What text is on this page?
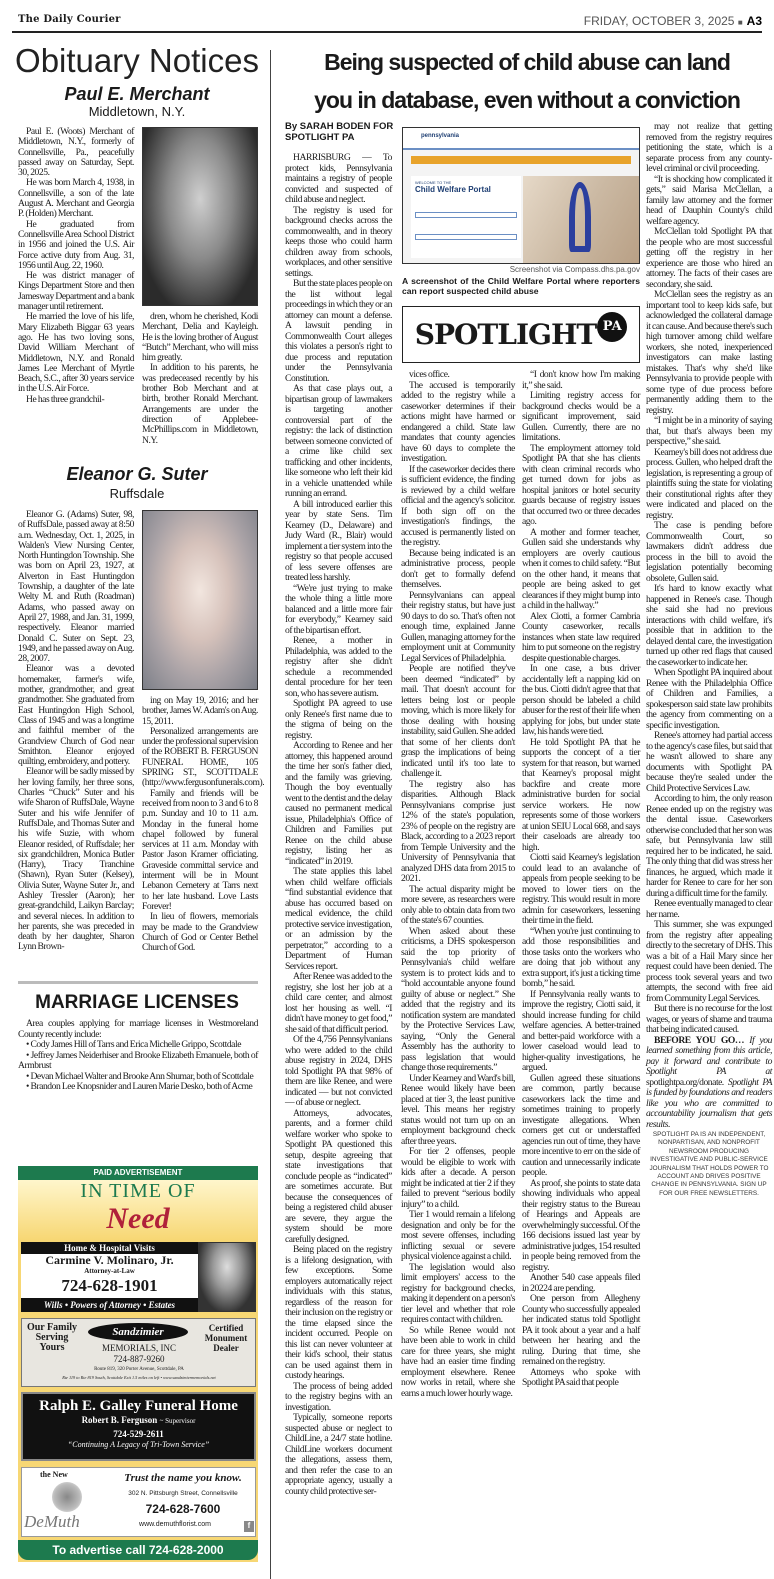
The Daily Courier	FRIDAY, OCTOBER 3, 2025 ■ A3
Obituary Notices
Paul E. Merchant
Middletown, N.Y.

Paul E. (Woots) Merchant of Middletown, N.Y., formerly of Connellsville, Pa., peacefully passed away on Saturday, Sept. 30, 2025.

He was born March 4, 1938, in Connellsville, a son of the late August A. Merchant and Georgia P. (Holden) Merchant.

He graduated from Connellsville Area School District in 1956 and joined the U.S. Air Force active duty from Aug. 31, 1956 until Aug. 22, 1960.

He was district manager of Kings Department Store and then Jamesway Department and a bank manager until retirement.

He married the love of his life, Mary Elizabeth Biggar 63 years ago. He has two loving sons, David William Merchant of Middletown, N.Y. and Ronald James Lee Merchant of Myrtle Beach, S.C., after 30 years service in the U.S. Air Force.

He has three grandchil-

dren, whom he cherished, Kodi Merchant, Delia and Kayleigh. He is the loving brother of August “Butch” Merchant, who will miss him greatly.

In addition to his parents, he was predeceased recently by his brother Bob Merchant and at birth, brother Ronald Merchant. Arrangements are under the direction of Applebee-McPhillips.com in Middletown, N.Y.

Eleanor G. Suter
Ruffsdale

Eleanor G. (Adams) Suter, 98, of RuffsDale, passed away at 8:50 a.m. Wednesday, Oct. 1, 2025, in Walden's View Nursing Center, North Huntingdon Township. She was born on April 23, 1927, at Alverton in East Huntingdon Township, a daughter of the late Welty M. and Ruth (Roadman) Adams, who passed away on April 27, 1988, and Jan. 31, 1999, respectively. Eleanor married Donald C. Suter on Sept. 23, 1949, and he passed away on Aug. 28, 2007.

Eleanor was a devoted homemaker, farmer's wife, mother, grandmother, and great grandmother. She graduated from East Huntingdon High School, Class of 1945 and was a longtime and faithful member of the Grandview Church of God near Smithton. Eleanor enjoyed quilting, embroidery, and pottery.

Eleanor will be sadly missed by her loving family, her three sons, Charles “Chuck” Suter and his wife Sharon of RuffsDale, Wayne Suter and his wife Jennifer of RuffsDale, and Thomas Suter and his wife Suzie, with whom Eleanor resided, of Ruffsdale; her six grandchildren, Monica Butler (Harry), Tracy Tranchine (Shawn), Ryan Suter (Kelsey), Olivia Suter, Wayne Suter Jr., and Ashley Tressler (Aaron); her great-grandchild, Laikyn Barclay; and several nieces. In addition to her parents, she was preceded in death by her daughter, Sharon Lynn Brown-

ing on May 19, 2016; and her brother, James W. Adam's on Aug. 15, 2011.

Personalized arrangements are under the professional supervision of the ROBERT B. FERGUSON FUNERAL HOME, 105 SPRING ST., SCOTTDALE (http://www.fergusonfunerals.com).

Family and friends will be received from noon to 3 and 6 to 8 p.m. Sunday and 10 to 11 a.m. Monday in the funeral home chapel followed by funeral services at 11 a.m. Monday with Pastor Jason Kramer officiating. Graveside committal service and interment will be in Mount Lebanon Cemetery at Tarrs next to her late husband. Love Lasts Forever!

In lieu of flowers, memorials may be made to the Grandview Church of God or Center Bethel Church of God.

MARRIAGE LICENSES

Area couples applying for marriage licenses in Westmoreland County recently include:

• Cody James Hill of Tarrs and Erica Michelle Grippo, Scottdale

• Jeffrey James Neiderhiser and Brooke Elizabeth Emanuele, both of Armbrust

• Devan Michael Walter and Brooke Ann Shumar, both of Scottdale

• Brandon Lee Knopsnider and Lauren Marie Desko, both of Acme

PAID ADVERTISEMENT
IN TIME OF
Need
Home & Hospital Visits
Carmine V. Molinaro, Jr.
Attorney-at-Law
724-628-1901
Wills • Powers of Attorney • Estates
Our Family Serving Yours
Sandzimier
MEMORIALS, INC
724-887-9260
Certified Monument Dealer
Route 819, 320 Porter Avenue, Scottdale, PA
Rte 119 to Rte 819 South, Scottdale Exit 1.5 miles on left • www.sandzimiermemorials.net
Ralph E. Galley Funeral Home
Robert B. Ferguson ~ Supervisor
724-529-2611
“Continuing A Legacy of Tri-Town Service”
the New
DeMuth
Trust the name you know.
302 N. Pittsburgh Street, Connellsville
724-628-7600
www.demuthflorist.com	f
To advertise call 724-628-2000
Being suspected of child abuse can land
you in database, even without a conviction
By SARAH BODEN FOR
SPOTLIGHT PA

HARRISBURG — To protect kids, Pennsylvania maintains a registry of people convicted and suspected of child abuse and neglect.

The registry is used for background checks across the commonwealth, and in theory keeps those who could harm children away from schools, workplaces, and other sensitive settings.

But the state places people on the list without legal proceedings in which they or an attorney can mount a defense. A lawsuit pending in Commonwealth Court alleges this violates a person's right to due process and reputation under the Pennsylvania Constitution.

As that case plays out, a bipartisan group of lawmakers is targeting another controversial part of the registry: the lack of distinction between someone convicted of a crime like child sex trafficking and other incidents, like someone who left their kid in a vehicle unattended while running an errand.

A bill introduced earlier this year by state Sens. Tim Kearney (D., Delaware) and Judy Ward (R., Blair) would implement a tier system into the registry so that people accused of less severe offenses are treated less harshly.

“We're just trying to make the whole thing a little more balanced and a little more fair for everybody,” Kearney said of the bipartisan effort.

Renee, a mother in Philadelphia, was added to the registry after she didn't schedule a recommended dental procedure for her teen son, who has severe autism.

Spotlight PA agreed to use only Renee's first name due to the stigma of being on the registry.

According to Renee and her attorney, this happened around the time her son's father died, and the family was grieving. Though the boy eventually went to the dentist and the delay caused no permanent medical issue, Philadelphia's Office of Children and Families put Renee on the child abuse registry, listing her as “indicated” in 2019.

The state applies this label when child welfare officials “find substantial evidence that abuse has occurred based on medical evidence, the child protective service investigation, or an admission by the perpetrator,” according to a Department of Human Services report.

After Renee was added to the registry, she lost her job at a child care center, and almost lost her housing as well. “I didn't have money to get food,” she said of that difficult period.

Of the 4,756 Pennsylvanians who were added to the child abuse registry in 2024, DHS told Spotlight PA that 98% of them are like Renee, and were indicated — but not convicted — of abuse or neglect.

Attorneys, advocates, parents, and a former child welfare worker who spoke to Spotlight PA questioned this setup, despite agreeing that state investigations that conclude people as “indicated” are sometimes accurate. But because the consequences of being a registered child abuser are severe, they argue the system should be more carefully designed.

Being placed on the registry is a lifelong designation, with few exceptions. Some employers automatically reject individuals with this status, regardless of the reason for their inclusion on the registry or the time elapsed since the incident occurred. People on this list can never volunteer at their kid's school, their status can be used against them in custody hearings.

The process of being added to the registry begins with an investigation.

Typically, someone reports suspected abuse or neglect to ChildLine, a 24/7 state hotline. ChildLine workers document the allegations, assess them, and then refer the case to an appropriate agency, usually a county child protective ser-

pennsylvania
WELCOME TO THE
Child Welfare Portal
Screenshot via Compass.dhs.pa.gov
A screenshot of the Child Welfare Portal where reporters can report suspected child abuse
SPOTLIGHT PA

vices office.

The accused is temporarily added to the registry while a caseworker determines if their actions might have harmed or endangered a child. State law mandates that county agencies have 60 days to complete the investigation.

If the caseworker decides there is sufficient evidence, the finding is reviewed by a child welfare official and the agency's solicitor. If both sign off on the investigation's findings, the accused is permanently listed on the registry.

Because being indicated is an administrative process, people don't get to formally defend themselves.

Pennsylvanians can appeal their registry status, but have just 90 days to do so. That's often not enough time, explained Janne Gullen, managing attorney for the employment unit at Community Legal Services of Philadelphia.

People are notified they've been deemed “indicated” by mail. That doesn't account for letters being lost or people moving, which is more likely for those dealing with housing instability, said Gullen. She added that some of her clients don't grasp the implications of being indicated until it's too late to challenge it.

The registry also has disparities. Although Black Pennsylvanians comprise just 12% of the state's population, 23% of people on the registry are Black, according to a 2023 report from Temple University and the University of Pennsylvania that analyzed DHS data from 2015 to 2021.

The actual disparity might be more severe, as researchers were only able to obtain data from two of the state's 67 counties.

When asked about these criticisms, a DHS spokesperson said the top priority of Pennsylvania's child welfare system is to protect kids and to “hold accountable anyone found guilty of abuse or neglect.” She added that the registry and its notification system are mandated by the Protective Services Law, saying, “Only the General Assembly has the authority to pass legislation that would change those requirements.”

Under Kearney and Ward's bill, Renee would likely have been placed at tier 3, the least punitive level. This means her registry status would not turn up on an employment background check after three years.

For tier 2 offenses, people would be eligible to work with kids after a decade. A person might be indicated at tier 2 if they failed to prevent “serious bodily injury” to a child.

Tier 1 would remain a lifelong designation and only be for the most severe offenses, including inflicting sexual or severe physical violence against a child.

The legislation would also limit employers' access to the registry for background checks, making it dependent on a person's tier level and whether that role requires contact with children.

So while Renee would not have been able to work in child care for three years, she might have had an easier time finding employment elsewhere. Renee now works in retail, where she earns a much lower hourly wage.

“I don't know how I'm making it,” she said.

Limiting registry access for background checks would be a significant improvement, said Gullen. Currently, there are no limitations.

The employment attorney told Spotlight PA that she has clients with clean criminal records who get turned down for jobs as hospital janitors or hotel security guards because of registry issues that occurred two or three decades ago.

A mother and former teacher, Gullen said she understands why employers are overly cautious when it comes to child safety. “But on the other hand, it means that people are being asked to get clearances if they might bump into a child in the hallway.”

Alex Ciotti, a former Cambria County caseworker, recalls instances when state law required him to put someone on the registry despite questionable charges.

In one case, a bus driver accidentally left a napping kid on the bus. Ciotti didn't agree that that person should be labeled a child abuser for the rest of their life when applying for jobs, but under state law, his hands were tied.

He told Spotlight PA that he supports the concept of a tier system for that reason, but warned that Kearney's proposal might backfire and create more administrative burden for social service workers. He now represents some of those workers at union SEIU Local 668, and says their caseloads are already too high.

Ciotti said Kearney's legislation could lead to an avalanche of appeals from people seeking to be moved to lower tiers on the registry. This would result in more admin for caseworkers, lessening their time in the field.

“When you're just continuing to add those responsibilities and those tasks onto the workers who are doing that job without any extra support, it's just a ticking time bomb,” he said.

If Pennsylvania really wants to improve the registry, Ciotti said, it should increase funding for child welfare agencies. A better-trained and better-paid workforce with a lower caseload would lead to higher-quality investigations, he argued.

Gullen agreed these situations are common, partly because caseworkers lack the time and sometimes training to properly investigate allegations. When corners get cut or understaffed agencies run out of time, they have more incentive to err on the side of caution and unnecessarily indicate people.

As proof, she points to state data showing individuals who appeal their registry status to the Bureau of Hearings and Appeals are overwhelmingly successful. Of the 166 decisions issued last year by administrative judges, 154 resulted in people being removed from the registry.

Another 540 case appeals filed in 20224 are pending.

One person from Allegheny County who successfully appealed her indicated status told Spotlight PA it took about a year and a half between her hearing and the ruling. During that time, she remained on the registry.

Attorneys who spoke with Spotlight PA said that people

may not realize that getting removed from the registry requires petitioning the state, which is a separate process from any county-level criminal or civil proceeding.

“It is shocking how complicated it gets,” said Marisa McClellan, a family law attorney and the former head of Dauphin County's child welfare agency.

McClellan told Spotlight PA that the people who are most successful getting off the registry in her experience are those who hired an attorney. The facts of their cases are secondary, she said.

McClellan sees the registry as an important tool to keep kids safe, but acknowledged the collateral damage it can cause. And because there's such high turnover among child welfare workers, she noted, inexperienced investigators can make lasting mistakes. That's why she'd like Pennsylvania to provide people with some type of due process before permanently adding them to the registry.

“I might be in a minority of saying that, but that's always been my perspective,” she said.

Kearney's bill does not address due process. Gullen, who helped draft the legislation, is representing a group of plaintiffs suing the state for violating their constitutional rights after they were indicated and placed on the registry.

The case is pending before Commonwealth Court, so lawmakers didn't address due process in the bill to avoid the legislation potentially becoming obsolete, Gullen said.

It's hard to know exactly what happened in Renee's case. Though she said she had no previous interactions with child welfare, it's possible that in addition to the delayed dental care, the investigation turned up other red flags that caused the caseworker to indicate her.

When Spotlight PA inquired about Renee with the Philadelphia Office of Children and Families, a spokesperson said state law prohibits the agency from commenting on a specific investigation.

Renee's attorney had partial access to the agency's case files, but said that he wasn't allowed to share any documents with Spotlight PA because they're sealed under the Child Protective Services Law.

According to him, the only reason Renee ended up on the registry was the dental issue. Caseworkers otherwise concluded that her son was safe, but Pennsylvania law still required her to be indicated, he said. The only thing that did was stress her finances, he argued, which made it harder for Renee to care for her son during a difficult time for the family.

Renee eventually managed to clear her name.

This summer, she was expunged from the registry after appealing directly to the secretary of DHS. This was a bit of a Hail Mary since her request could have been denied. The process took several years and two attempts, the second with free aid from Community Legal Services.

But there is no recourse for the lost wages, or years of shame and trauma that being indicated caused.

BEFORE YOU GO… If you learned something from this article, pay it forward and contribute to Spotlight PA at spotlightpa.org/donate. Spotlight PA is funded by foundations and readers like you who are committed to accountability journalism that gets results.

SPOTLIGHT PA IS AN INDEPENDENT, NONPARTISAN, AND NONPROFIT NEWSROOM PRODUCING INVESTIGATIVE AND PUBLIC-SERVICE JOURNALISM THAT HOLDS POWER TO ACCOUNT AND DRIVES POSITIVE CHANGE IN PENNSYLVANIA. SIGN UP FOR OUR FREE NEWSLETTERS.
